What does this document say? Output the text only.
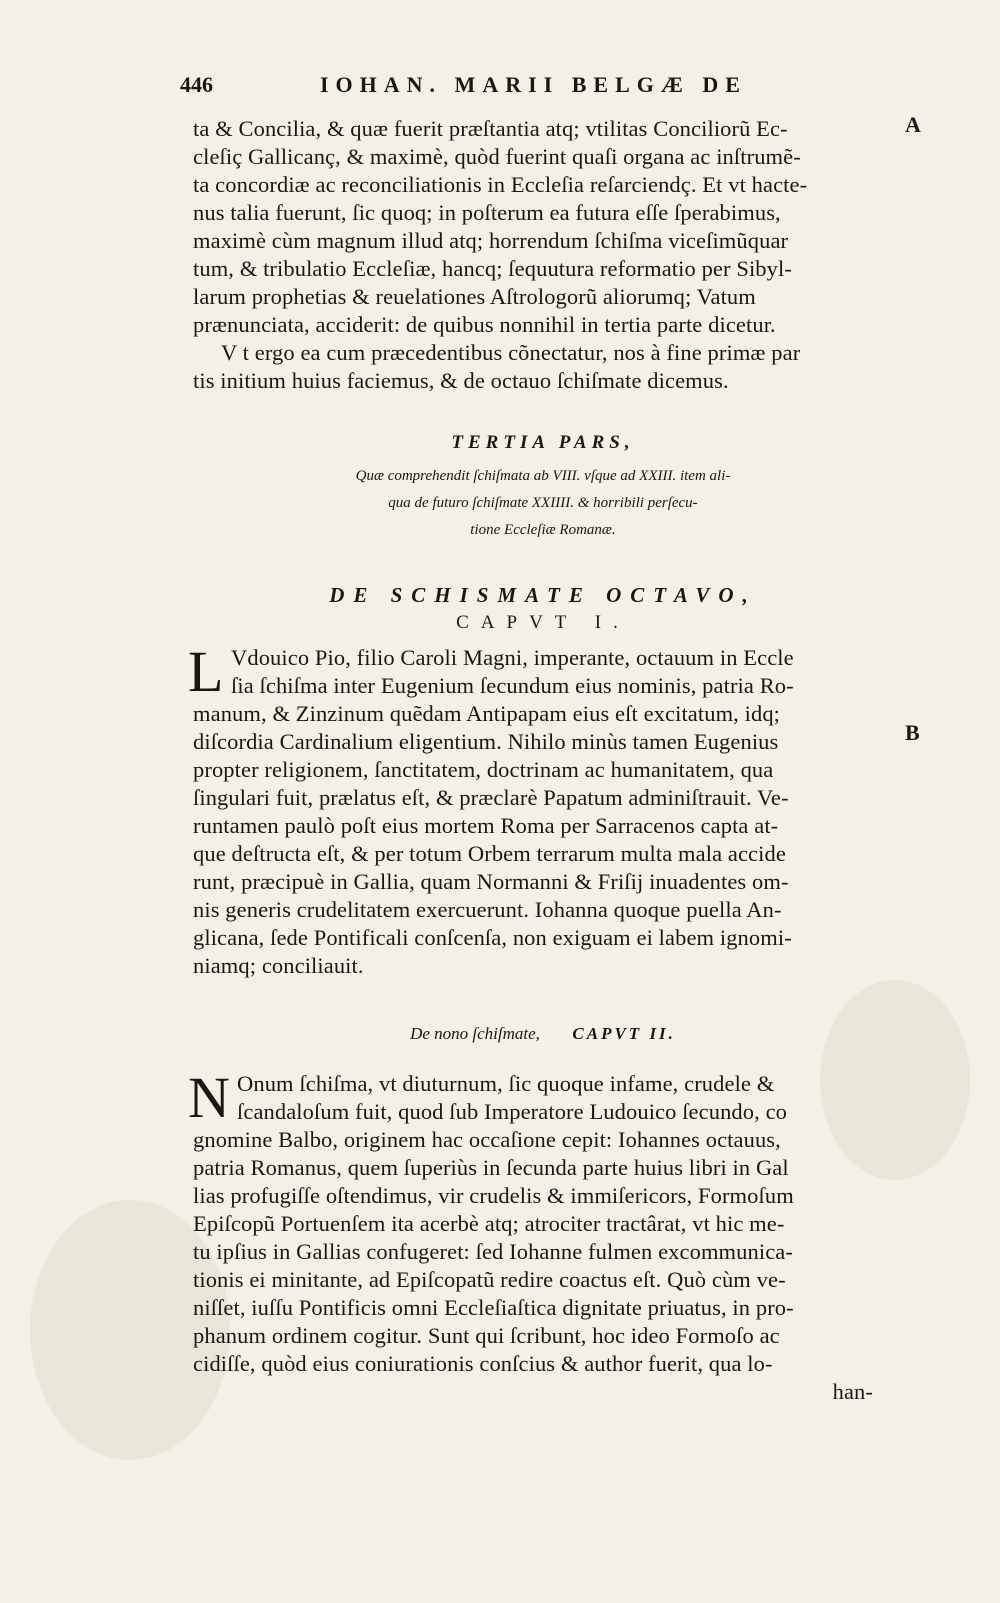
446	IOHAN. MARII BELGÆ DE
A
B
ta & Concilia, & quæ fuerit præſtantia atq; vtilitas Conciliorũ Ec-
cleſiç Gallicanç, & maximè, quòd fuerint quaſi organa ac inſtrumẽ-
ta concordiæ ac reconciliationis in Eccleſia reſarciendç. Et vt hacte-
nus talia fuerunt, ſic quoq; in poſterum ea futura eſſe ſperabimus,
maximè cùm magnum illud atq; horrendum ſchiſma viceſimũquar
tum, & tribulatio Eccleſiæ, hancq; ſequutura reformatio per Sibyl-
larum prophetias & reuelationes Aſtrologorũ aliorumq; Vatum
prænunciata, acciderit: de quibus nonnihil in tertia parte dicetur.
V t ergo ea cum præcedentibus cõnectatur, nos à fine primæ par
tis initium huius faciemus, & de octauo ſchiſmate dicemus.
TERTIA PARS,
Quæ comprehendit ſchiſmata ab VIII. vſque ad XXIII. item ali-
qua de futuro ſchiſmate XXIIII. & horribili perſecu-
tione Eccleſiæ Romanæ.
DE SCHISMATE OCTAVO,
CAPVT I.
L Vdouico Pio, filio Caroli Magni, imperante, octauum in Eccle
ſia ſchiſma inter Eugenium ſecundum eius nominis, patria Ro-
manum, & Zinzinum quẽdam Antipapam eius eſt excitatum, idq;
diſcordia Cardinalium eligentium. Nihilo minùs tamen Eugenius
propter religionem, ſanctitatem, doctrinam ac humanitatem, qua
ſingulari fuit, prælatus eſt, & præclarè Papatum adminiſtrauit. Ve-
runtamen paulò poſt eius mortem Roma per Sarracenos capta at-
que deſtructa eſt, & per totum Orbem terrarum multa mala accide
runt, præcipuè in Gallia, quam Normanni & Friſij inuadentes om-
nis generis crudelitatem exercuerunt. Iohanna quoque puella An-
glicana, ſede Pontificali conſcenſa, non exiguam ei labem ignomi-
niamq; conciliauit.
De nono ſchiſmate, CAPVT II.
N Onum ſchiſma, vt diuturnum, ſic quoque infame, crudele &
ſcandaloſum fuit, quod ſub Imperatore Ludouico ſecundo, co
gnomine Balbo, originem hac occaſione cepit: Iohannes octauus,
patria Romanus, quem ſuperiùs in ſecunda parte huius libri in Gal
lias profugiſſe oſtendimus, vir crudelis & immiſericors, Formoſum
Epiſcopũ Portuenſem ita acerbè atq; atrociter tractârat, vt hic me-
tu ipſius in Gallias confugeret: ſed Iohanne fulmen excommunica-
tionis ei minitante, ad Epiſcopatũ redire coactus eſt. Quò cùm ve-
niſſet, iuſſu Pontificis omni Eccleſiaſtica dignitate priuatus, in pro-
phanum ordinem cogitur. Sunt qui ſcribunt, hoc ideo Formoſo ac
cidiſſe, quòd eius coniurationis conſcius & author fuerit, qua lo-
han-
